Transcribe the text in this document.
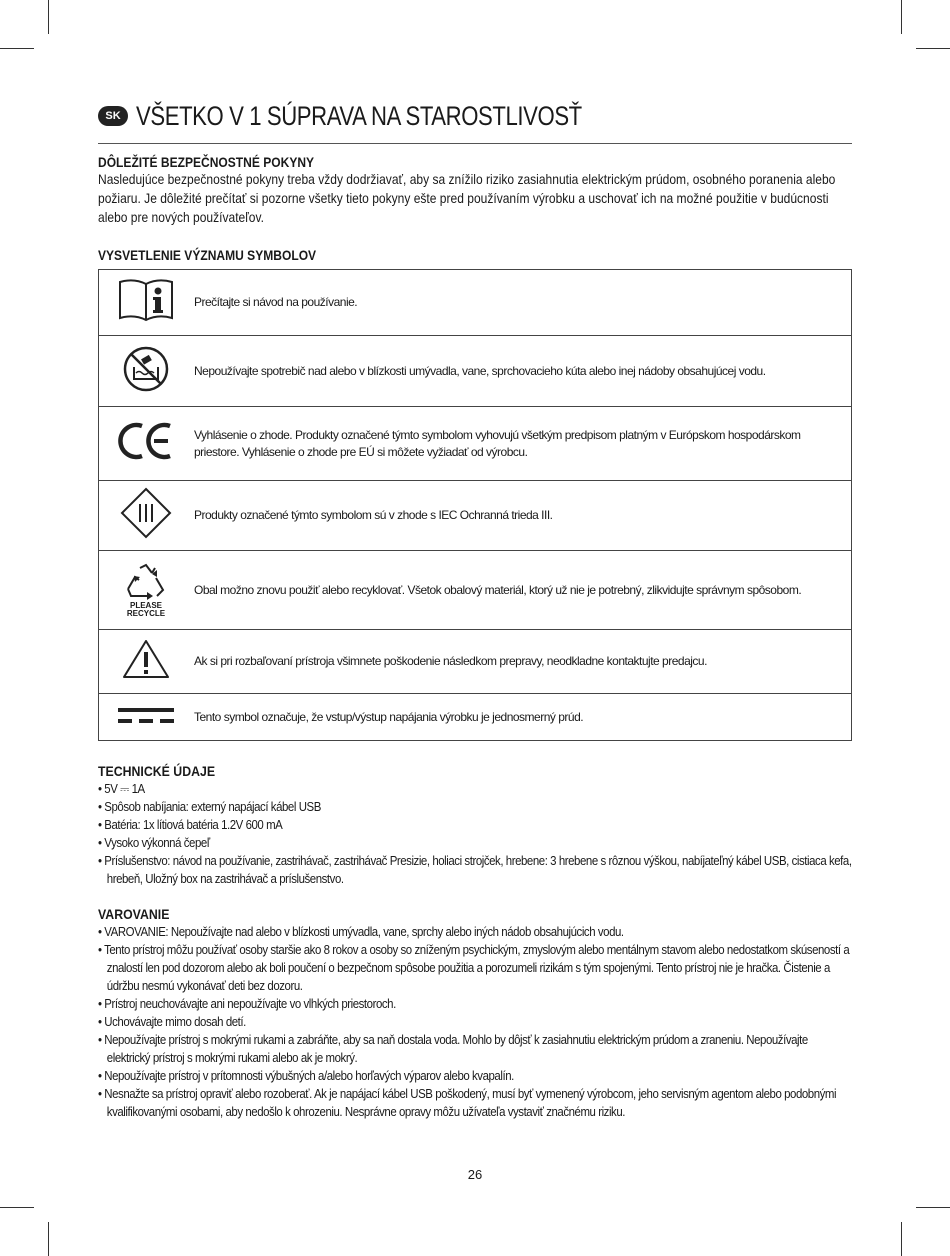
SK VŠETKO V 1 SÚPRAVA NA STAROSTLIVOSŤ
DÔLEŽITÉ BEZPEČNOSTNÉ POKYNY
Nasledujúce bezpečnostné pokyny treba vždy dodržiavať, aby sa znížilo riziko zasiahnutia elektrickým prúdom, osobného poranenia alebo požiaru. Je dôležité prečítať si pozorne všetky tieto pokyny ešte pred používaním výrobku a uschovať ich na možné použitie v budúcnosti alebo pre nových používateľov.
VYSVETLENIE VÝZNAMU SYMBOLOV
	Prečítajte si návod na používanie.
	Nepoužívajte spotrebič nad alebo v blízkosti umývadla, vane, sprchovacieho kúta alebo inej nádoby obsahujúcej vodu.
	Vyhlásenie o zhode. Produkty označené týmto symbolom vyhovujú všetkým predpisom platným v Európskom hospodárskom priestore. Vyhlásenie o zhode pre EÚ si môžete vyžiadať od výrobcu.
	Produkty označené týmto symbolom sú v zhode s IEC Ochranná trieda III.

PLEASE
RECYCLE	Obal možno znovu použiť alebo recyklovať. Všetok obalový materiál, ktorý už nie je potrebný, zlikvidujte správnym spôsobom.
	Ak si pri rozbaľovaní prístroja všimnete poškodenie následkom prepravy, neodkladne kontaktujte predajcu.
	Tento symbol označuje, že vstup/výstup napájania výrobku je jednosmerný prúd.
TECHNICKÉ ÚDAJE
• 5V ⎓ 1A
• Spôsob nabíjania: externý napájací kábel USB
• Batéria: 1x lítiová batéria 1.2V 600 mA
• Vysoko výkonná čepeľ
• Príslušenstvo: návod na používanie, zastrihávač, zastrihávač Presizie, holiaci strojček, hrebene: 3 hrebene s rôznou výškou, nabíjateľný kábel USB, cistiaca kefa, hrebeň, Uložný box na zastrihávač a príslušenstvo.
VAROVANIE
• VAROVANIE: Nepoužívajte nad alebo v blízkosti umývadla, vane, sprchy alebo iných nádob obsahujúcich vodu.
• Tento prístroj môžu používať osoby staršie ako 8 rokov a osoby so zníženým psychickým, zmyslovým alebo mentálnym stavom alebo nedostatkom skúseností a znalostí len pod dozorom alebo ak boli poučení o bezpečnom spôsobe použitia a porozumeli rizikám s tým spojenými. Tento prístroj nie je hračka. Čistenie a údržbu nesmú vykonávať deti bez dozoru.
• Prístroj neuchovávajte ani nepoužívajte vo vlhkých priestoroch.
• Uchovávajte mimo dosah detí.
• Nepoužívajte prístroj s mokrými rukami a zabráňte, aby sa naň dostala voda. Mohlo by dôjsť k zasiahnutiu elektrickým prúdom a zraneniu. Nepoužívajte elektrický prístroj s mokrými rukami alebo ak je mokrý.
• Nepoužívajte prístroj v prítomnosti výbušných a/alebo horľavých výparov alebo kvapalín.
• Nesnažte sa prístroj opraviť alebo rozoberať. Ak je napájací kábel USB poškodený, musí byť vymenený výrobcom, jeho servisným agentom alebo podobnými kvalifikovanými osobami, aby nedošlo k ohrozeniu. Nesprávne opravy môžu užívateľa vystaviť značnému riziku.
26
